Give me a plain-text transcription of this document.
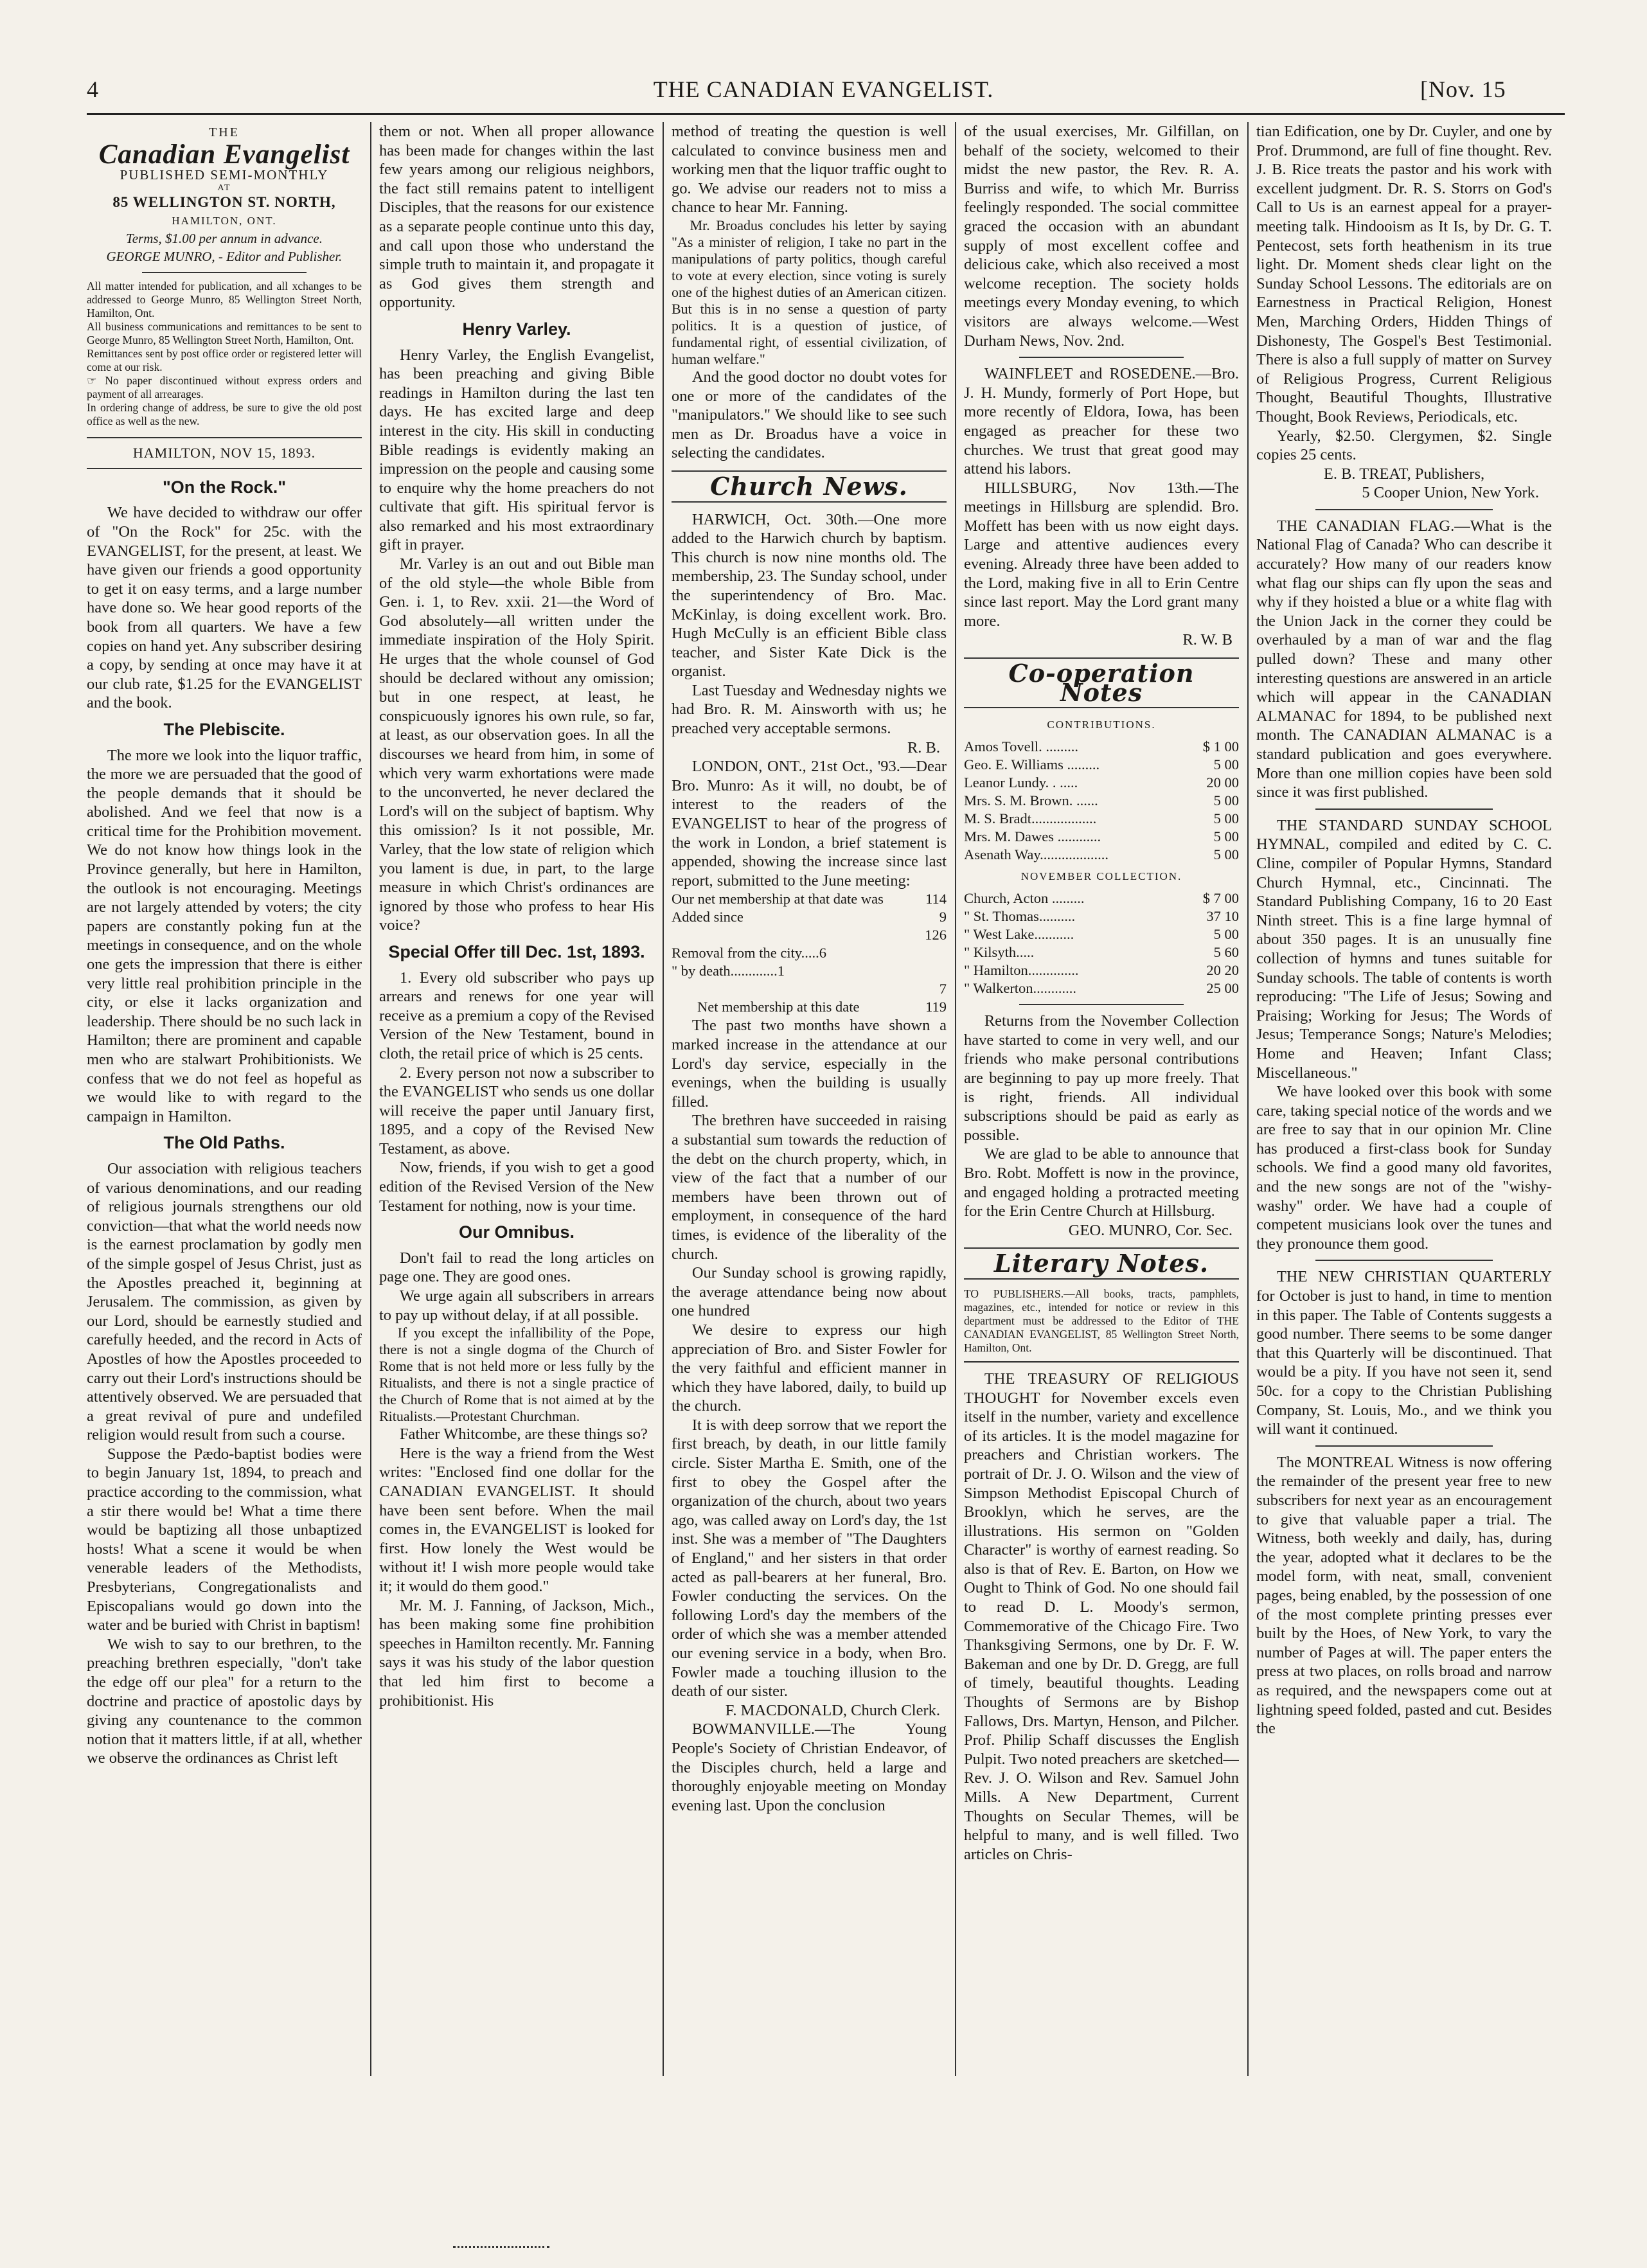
4	THE CANADIAN EVANGELIST.	[Nov. 15
THE
Canadian Evangelist
PUBLISHED SEMI-MONTHLY
AT
85 WELLINGTON ST. NORTH,
HAMILTON, ONT.
Terms, $1.00 per annum in advance.
GEORGE MUNRO, - Editor and Publisher.

All matter intended for publication, and all xchanges to be addressed to George Munro, 85 Wellington Street North, Hamilton, Ont.

All business communications and remittances to be sent to George Munro, 85 Wellington Street North, Hamilton, Ont.

Remittances sent by post office order or registered letter will come at our risk.

☞ No paper discontinued without express orders and payment of all arrearages.

In ordering change of address, be sure to give the old post office as well as the new.

HAMILTON, NOV 15, 1893.
"On the Rock."

We have decided to withdraw our offer of "On the Rock" for 25c. with the EVANGELIST, for the present, at least. We have given our friends a good opportunity to get it on easy terms, and a large number have done so. We hear good reports of the book from all quarters. We have a few copies on hand yet. Any subscriber desiring a copy, by sending at once may have it at our club rate, $1.25 for the EVANGELIST and the book.

The Plebiscite.

The more we look into the liquor traffic, the more we are persuaded that the good of the people demands that it should be abolished. And we feel that now is a critical time for the Prohibition movement. We do not know how things look in the Province generally, but here in Hamilton, the outlook is not encouraging. Meetings are not largely attended by voters; the city papers are constantly poking fun at the meetings in consequence, and on the whole one gets the impression that there is either very little real prohibition principle in the city, or else it lacks organization and leadership. There should be no such lack in Hamilton; there are prominent and capable men who are stalwart Prohibitionists. We confess that we do not feel as hopeful as we would like to with regard to the campaign in Hamilton.

The Old Paths.

Our association with religious teachers of various denominations, and our reading of religious journals strengthens our old conviction—that what the world needs now is the earnest proclamation by godly men of the simple gospel of Jesus Christ, just as the Apostles preached it, beginning at Jerusalem. The commission, as given by our Lord, should be earnestly studied and carefully heeded, and the record in Acts of Apostles of how the Apostles proceeded to carry out their Lord's instructions should be attentively observed. We are persuaded that a great revival of pure and undefiled religion would result from such a course.

Suppose the Pædo-baptist bodies were to begin January 1st, 1894, to preach and practice according to the commission, what a stir there would be! What a time there would be baptizing all those unbaptized hosts! What a scene it would be when venerable leaders of the Methodists, Presbyterians, Congregationalists and Episcopalians would go down into the water and be buried with Christ in baptism!

We wish to say to our brethren, to the preaching brethren especially, "don't take the edge off our plea" for a return to the doctrine and practice of apostolic days by giving any countenance to the common notion that it matters little, if at all, whether we observe the ordinances as Christ left

them or not. When all proper allowance has been made for changes within the last few years among our religious neighbors, the fact still remains patent to intelligent Disciples, that the reasons for our existence as a separate people continue unto this day, and call upon those who understand the simple truth to maintain it, and propagate it as God gives them strength and opportunity.

Henry Varley.

Henry Varley, the English Evangelist, has been preaching and giving Bible readings in Hamilton during the last ten days. He has excited large and deep interest in the city. His skill in conducting Bible readings is evidently making an impression on the people and causing some to enquire why the home preachers do not cultivate that gift. His spiritual fervor is also remarked and his most extraordinary gift in prayer.

Mr. Varley is an out and out Bible man of the old style—the whole Bible from Gen. i. 1, to Rev. xxii. 21—the Word of God absolutely—all written under the immediate inspiration of the Holy Spirit. He urges that the whole counsel of God should be declared without any omission; but in one respect, at least, he conspicuously ignores his own rule, so far, at least, as our observation goes. In all the discourses we heard from him, in some of which very warm exhortations were made to the unconverted, he never declared the Lord's will on the subject of baptism. Why this omission? Is it not possible, Mr. Varley, that the low state of religion which you lament is due, in part, to the large measure in which Christ's ordinances are ignored by those who profess to hear His voice?

Special Offer till Dec. 1st, 1893.

1. Every old subscriber who pays up arrears and renews for one year will receive as a premium a copy of the Revised Version of the New Testament, bound in cloth, the retail price of which is 25 cents.

2. Every person not now a subscriber to the EVANGELIST who sends us one dollar will receive the paper until January first, 1895, and a copy of the Revised New Testament, as above.

Now, friends, if you wish to get a good edition of the Revised Version of the New Testament for nothing, now is your time.

Our Omnibus.

Don't fail to read the long articles on page one. They are good ones.

We urge again all subscribers in arrears to pay up without delay, if at all possible.

If you except the infallibility of the Pope, there is not a single dogma of the Church of Rome that is not held more or less fully by the Ritualists, and there is not a single practice of the Church of Rome that is not aimed at by the Ritualists.—Protestant Churchman.

Father Whitcombe, are these things so?

Here is the way a friend from the West writes: "Enclosed find one dollar for the CANADIAN EVANGELIST. It should have been sent before. When the mail comes in, the EVANGELIST is looked for first. How lonely the West would be without it! I wish more people would take it; it would do them good."

Mr. M. J. Fanning, of Jackson, Mich., has been making some fine prohibition speeches in Hamilton recently. Mr. Fanning says it was his study of the labor question that led him first to become a prohibitionist. His

method of treating the question is well calculated to convince business men and working men that the liquor traffic ought to go. We advise our readers not to miss a chance to hear Mr. Fanning.

Mr. Broadus concludes his letter by saying "As a minister of religion, I take no part in the manipulations of party politics, though careful to vote at every election, since voting is surely one of the highest duties of an American citizen. But this is in no sense a question of party politics. It is a question of justice, of fundamental right, of essential civilization, of human welfare."

And the good doctor no doubt votes for one or more of the candidates of the "manipulators." We should like to see such men as Dr. Broadus have a voice in selecting the candidates.

Church News.

HARWICH, Oct. 30th.—One more added to the Harwich church by baptism. This church is now nine months old. The membership, 23. The Sunday school, under the superintendency of Bro. Mac. McKinlay, is doing excellent work. Bro. Hugh McCully is an efficient Bible class teacher, and Sister Kate Dick is the organist.

Last Tuesday and Wednesday nights we had Bro. R. M. Ainsworth with us; he preached very acceptable sermons.

R. B.

LONDON, ONT., 21st Oct., '93.—Dear Bro. Munro: As it will, no doubt, be of interest to the readers of the EVANGELIST to hear of the progress of the work in London, a brief statement is appended, showing the increase since last report, submitted to the June meeting:

Our net membership at that date was	114
Added since	9
126
Removal from the city.....6
" by death.............1
7
Net membership at this date	119

The past two months have shown a marked increase in the attendance at our Lord's day service, especially in the evenings, when the building is usually filled.

The brethren have succeeded in raising a substantial sum towards the reduction of the debt on the church property, which, in view of the fact that a number of our members have been thrown out of employment, in consequence of the hard times, is evidence of the liberality of the church.

Our Sunday school is growing rapidly, the average attendance being now about one hundred

We desire to express our high appreciation of Bro. and Sister Fowler for the very faithful and efficient manner in which they have labored, daily, to build up the church.

It is with deep sorrow that we report the first breach, by death, in our little family circle. Sister Martha E. Smith, one of the first to obey the Gospel after the organization of the church, about two years ago, was called away on Lord's day, the 1st inst. She was a member of "The Daughters of England," and her sisters in that order acted as pall-bearers at her funeral, Bro. Fowler conducting the services. On the following Lord's day the members of the order of which she was a member attended our evening service in a body, when Bro. Fowler made a touching illusion to the death of our sister.

F. MACDONALD, Church Clerk.

BOWMANVILLE.—The Young People's Society of Christian Endeavor, of the Disciples church, held a large and thoroughly enjoyable meeting on Monday evening last. Upon the conclusion

of the usual exercises, Mr. Gilfillan, on behalf of the society, welcomed to their midst the new pastor, the Rev. R. A. Burriss and wife, to which Mr. Burriss feelingly responded. The social committee graced the occasion with an abundant supply of most excellent coffee and delicious cake, which also received a most welcome reception. The society holds meetings every Monday evening, to which visitors are always welcome.—West Durham News, Nov. 2nd.

WAINFLEET and ROSEDENE.—Bro. J. H. Mundy, formerly of Port Hope, but more recently of Eldora, Iowa, has been engaged as preacher for these two churches. We trust that great good may attend his labors.

HILLSBURG, Nov 13th.—The meetings in Hillsburg are splendid. Bro. Moffett has been with us now eight days. Large and attentive audiences every evening. Already three have been added to the Lord, making five in all to Erin Centre since last report. May the Lord grant many more.

R. W. B

Co-operation Notes
CONTRIBUTIONS.
Amos Tovell. .........	$ 1 00
Geo. E. Williams .........	5 00
Leanor Lundy. . .....	20 00
Mrs. S. M. Brown. ......	5 00
M. S. Bradt..................	5 00
Mrs. M. Dawes ............	5 00
Asenath Way...................	5 00
NOVEMBER COLLECTION.
Church, Acton .........	$ 7 00
" St. Thomas..........	37 10
" West Lake...........	5 00
" Kilsyth.....	5 60
" Hamilton..............	20 20
" Walkerton............	25 00

Returns from the November Collection have started to come in very well, and our friends who make personal contributions are beginning to pay up more freely. That is right, friends. All individual subscriptions should be paid as early as possible.

We are glad to be able to announce that Bro. Robt. Moffett is now in the province, and engaged holding a protracted meeting for the Erin Centre Church at Hillsburg.

GEO. MUNRO, Cor. Sec.

Literary Notes.

TO PUBLISHERS.—All books, tracts, pamphlets, magazines, etc., intended for notice or review in this department must be addressed to the Editor of THE CANADIAN EVANGELIST, 85 Wellington Street North, Hamilton, Ont.

THE TREASURY OF RELIGIOUS THOUGHT for November excels even itself in the number, variety and excellence of its articles. It is the model magazine for preachers and Christian workers. The portrait of Dr. J. O. Wilson and the view of Simpson Methodist Episcopal Church of Brooklyn, which he serves, are the illustrations. His sermon on "Golden Character" is worthy of earnest reading. So also is that of Rev. E. Barton, on How we Ought to Think of God. No one should fail to read D. L. Moody's sermon, Commemorative of the Chicago Fire. Two Thanksgiving Sermons, one by Dr. F. W. Bakeman and one by Dr. D. Gregg, are full of timely, beautiful thoughts. Leading Thoughts of Sermons are by Bishop Fallows, Drs. Martyn, Henson, and Pilcher. Prof. Philip Schaff discusses the English Pulpit. Two noted preachers are sketched—Rev. J. O. Wilson and Rev. Samuel John Mills. A New Department, Current Thoughts on Secular Themes, will be helpful to many, and is well filled. Two articles on Chris-

tian Edification, one by Dr. Cuyler, and one by Prof. Drummond, are full of fine thought. Rev. J. B. Rice treats the pastor and his work with excellent judgment. Dr. R. S. Storrs on God's Call to Us is an earnest appeal for a prayer-meeting talk. Hindooism as It Is, by Dr. G. T. Pentecost, sets forth heathenism in its true light. Dr. Moment sheds clear light on the Sunday School Lessons. The editorials are on Earnestness in Practical Religion, Honest Men, Marching Orders, Hidden Things of Dishonesty, The Gospel's Best Testimonial. There is also a full supply of matter on Survey of Religious Progress, Current Religious Thought, Beautiful Thoughts, Illustrative Thought, Book Reviews, Periodicals, etc.

Yearly, $2.50. Clergymen, $2. Single copies 25 cents.

E. B. TREAT, Publishers,

5 Cooper Union, New York.

THE CANADIAN FLAG.—What is the National Flag of Canada? Who can describe it accurately? How many of our readers know what flag our ships can fly upon the seas and why if they hoisted a blue or a white flag with the Union Jack in the corner they could be overhauled by a man of war and the flag pulled down? These and many other interesting questions are answered in an article which will appear in the CANADIAN ALMANAC for 1894, to be published next month. The CANADIAN ALMANAC is a standard publication and goes everywhere. More than one million copies have been sold since it was first published.

THE STANDARD SUNDAY SCHOOL HYMNAL, compiled and edited by C. C. Cline, compiler of Popular Hymns, Standard Church Hymnal, etc., Cincinnati. The Standard Publishing Company, 16 to 20 East Ninth street. This is a fine large hymnal of about 350 pages. It is an unusually fine collection of hymns and tunes suitable for Sunday schools. The table of contents is worth reproducing: "The Life of Jesus; Sowing and Praising; Working for Jesus; The Words of Jesus; Temperance Songs; Nature's Melodies; Home and Heaven; Infant Class; Miscellaneous."

We have looked over this book with some care, taking special notice of the words and we are free to say that in our opinion Mr. Cline has produced a first-class book for Sunday schools. We find a good many old favorites, and the new songs are not of the "wishy-washy" order. We have had a couple of competent musicians look over the tunes and they pronounce them good.

THE NEW CHRISTIAN QUARTERLY for October is just to hand, in time to mention in this paper. The Table of Contents suggests a good number. There seems to be some danger that this Quarterly will be discontinued. That would be a pity. If you have not seen it, send 50c. for a copy to the Christian Publishing Company, St. Louis, Mo., and we think you will want it continued.

The MONTREAL Witness is now offering the remainder of the present year free to new subscribers for next year as an encouragement to give that valuable paper a trial. The Witness, both weekly and daily, has, during the year, adopted what it declares to be the model form, with neat, small, convenient pages, being enabled, by the possession of one of the most complete printing presses ever built by the Hoes, of New York, to vary the number of Pages at will. The paper enters the press at two places, on rolls broad and narrow as required, and the newspapers come out at lightning speed folded, pasted and cut. Besides the
